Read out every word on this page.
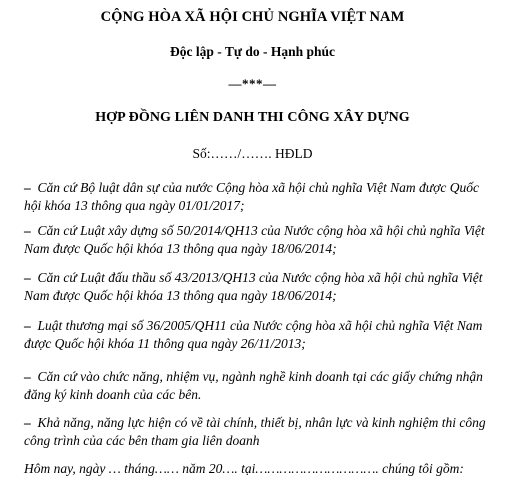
CỘNG HÒA XÃ HỘI CHỦ NGHĨA VIỆT NAM
Độc lập - Tự do - Hạnh phúc
—***—
HỢP ĐỒNG LIÊN DANH THI CÔNG XÂY DỰNG
Số:……/……. HĐLD
– Căn cứ Bộ luật dân sự của nước Cộng hòa xã hội chủ nghĩa Việt Nam được Quốc hội khóa 13 thông qua ngày 01/01/2017;
– Căn cứ Luật xây dựng số 50/2014/QH13 của Nước cộng hòa xã hội chủ nghĩa Việt Nam được Quốc hội khóa 13 thông qua ngày 18/06/2014;
– Căn cứ Luật đấu thầu số 43/2013/QH13 của Nước cộng hòa xã hội chủ nghĩa Việt Nam được Quốc hội khóa 13 thông qua ngày 18/06/2014;
– Luật thương mại số 36/2005/QH11 của Nước cộng hòa xã hội chủ nghĩa Việt Nam được Quốc hội khóa 11 thông qua ngày 26/11/2013;
– Căn cứ vào chức năng, nhiệm vụ, ngành nghề kinh doanh tại các giấy chứng nhận đăng ký kinh doanh của các bên.
– Khả năng, năng lực hiện có về tài chính, thiết bị, nhân lực và kinh nghiệm thi công công trình của các bên tham gia liên doanh
Hôm nay, ngày … tháng…… năm 20…. tại…………………………. chúng tôi gồm:
